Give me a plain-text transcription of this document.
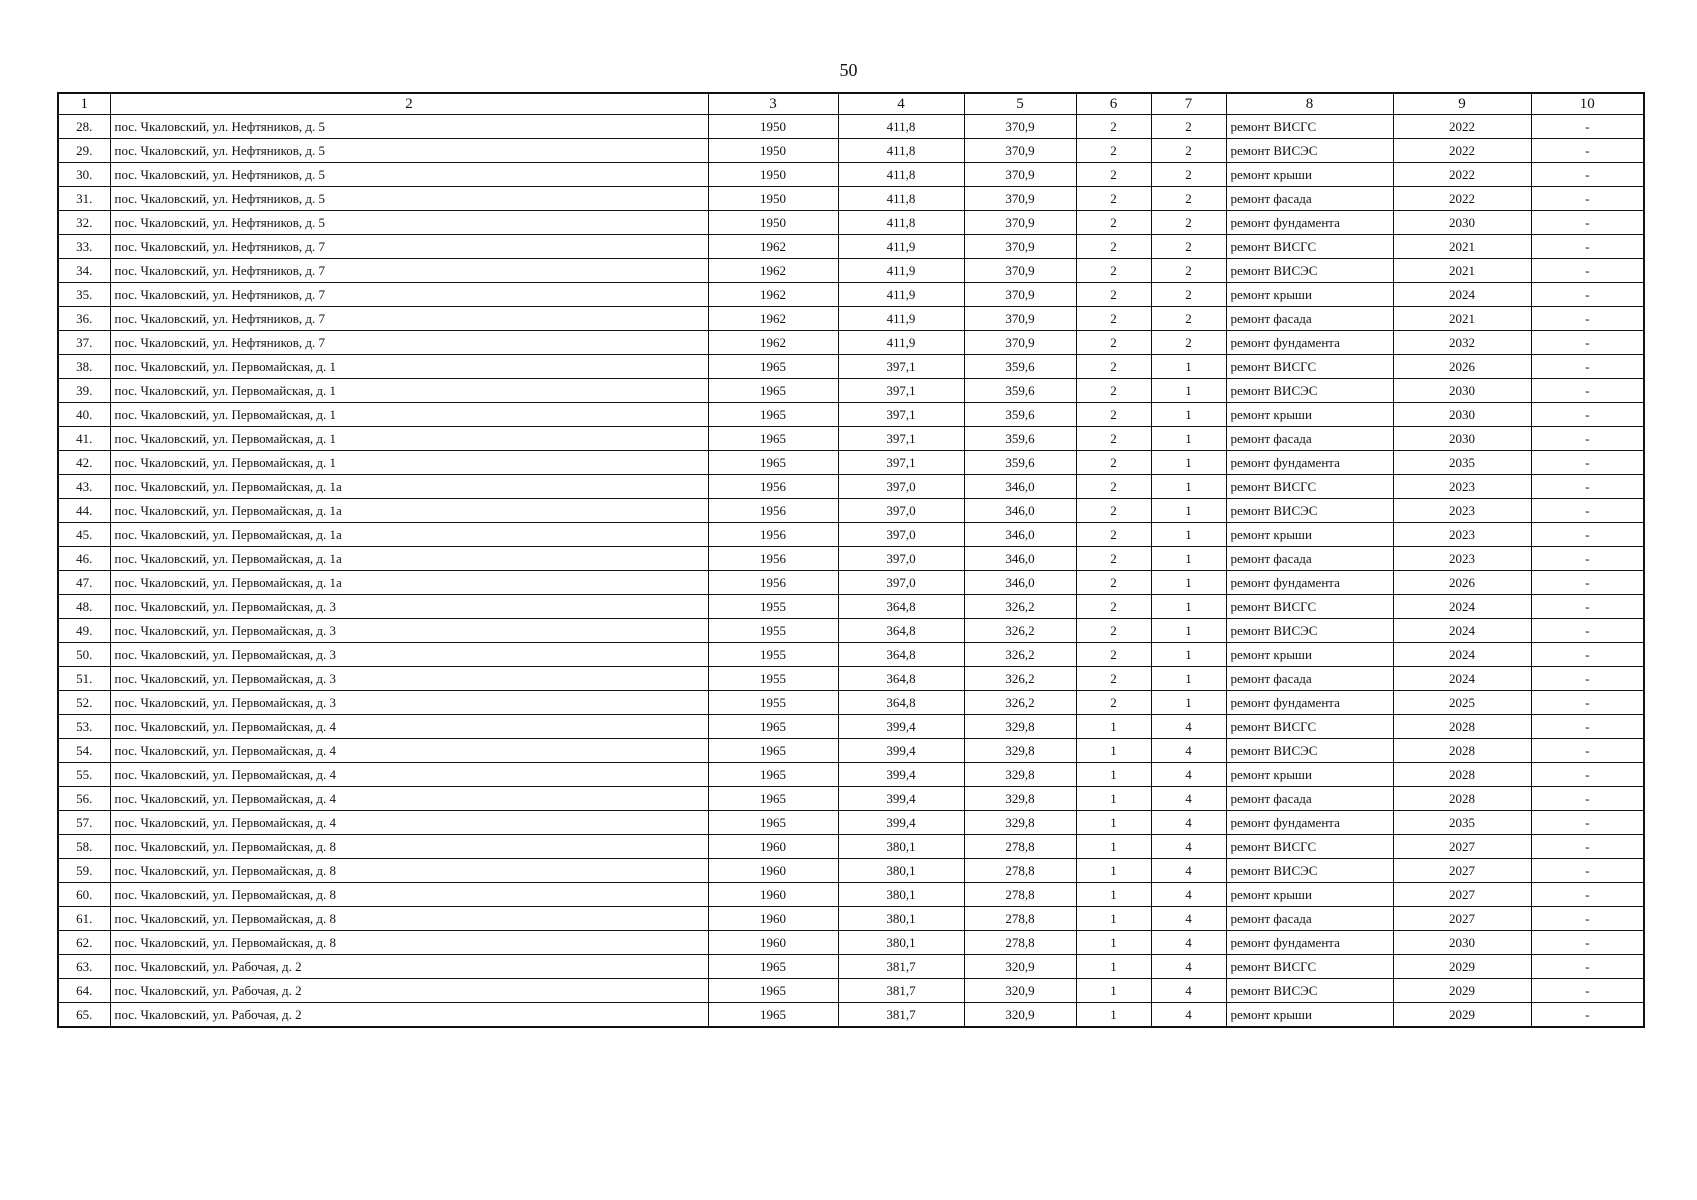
50
1	2	3	4	5	6	7	8	9	10
28.	пос. Чкаловский, ул. Нефтяников, д. 5	1950	411,8	370,9	2	2	ремонт ВИСГС	2022	-
29.	пос. Чкаловский, ул. Нефтяников, д. 5	1950	411,8	370,9	2	2	ремонт ВИСЭС	2022	-
30.	пос. Чкаловский, ул. Нефтяников, д. 5	1950	411,8	370,9	2	2	ремонт крыши	2022	-
31.	пос. Чкаловский, ул. Нефтяников, д. 5	1950	411,8	370,9	2	2	ремонт фасада	2022	-
32.	пос. Чкаловский, ул. Нефтяников, д. 5	1950	411,8	370,9	2	2	ремонт фундамента	2030	-
33.	пос. Чкаловский, ул. Нефтяников, д. 7	1962	411,9	370,9	2	2	ремонт ВИСГС	2021	-
34.	пос. Чкаловский, ул. Нефтяников, д. 7	1962	411,9	370,9	2	2	ремонт ВИСЭС	2021	-
35.	пос. Чкаловский, ул. Нефтяников, д. 7	1962	411,9	370,9	2	2	ремонт крыши	2024	-
36.	пос. Чкаловский, ул. Нефтяников, д. 7	1962	411,9	370,9	2	2	ремонт фасада	2021	-
37.	пос. Чкаловский, ул. Нефтяников, д. 7	1962	411,9	370,9	2	2	ремонт фундамента	2032	-
38.	пос. Чкаловский, ул. Первомайская, д. 1	1965	397,1	359,6	2	1	ремонт ВИСГС	2026	-
39.	пос. Чкаловский, ул. Первомайская, д. 1	1965	397,1	359,6	2	1	ремонт ВИСЭС	2030	-
40.	пос. Чкаловский, ул. Первомайская, д. 1	1965	397,1	359,6	2	1	ремонт крыши	2030	-
41.	пос. Чкаловский, ул. Первомайская, д. 1	1965	397,1	359,6	2	1	ремонт фасада	2030	-
42.	пос. Чкаловский, ул. Первомайская, д. 1	1965	397,1	359,6	2	1	ремонт фундамента	2035	-
43.	пос. Чкаловский, ул. Первомайская, д. 1а	1956	397,0	346,0	2	1	ремонт ВИСГС	2023	-
44.	пос. Чкаловский, ул. Первомайская, д. 1а	1956	397,0	346,0	2	1	ремонт ВИСЭС	2023	-
45.	пос. Чкаловский, ул. Первомайская, д. 1а	1956	397,0	346,0	2	1	ремонт крыши	2023	-
46.	пос. Чкаловский, ул. Первомайская, д. 1а	1956	397,0	346,0	2	1	ремонт фасада	2023	-
47.	пос. Чкаловский, ул. Первомайская, д. 1а	1956	397,0	346,0	2	1	ремонт фундамента	2026	-
48.	пос. Чкаловский, ул. Первомайская, д. 3	1955	364,8	326,2	2	1	ремонт ВИСГС	2024	-
49.	пос. Чкаловский, ул. Первомайская, д. 3	1955	364,8	326,2	2	1	ремонт ВИСЭС	2024	-
50.	пос. Чкаловский, ул. Первомайская, д. 3	1955	364,8	326,2	2	1	ремонт крыши	2024	-
51.	пос. Чкаловский, ул. Первомайская, д. 3	1955	364,8	326,2	2	1	ремонт фасада	2024	-
52.	пос. Чкаловский, ул. Первомайская, д. 3	1955	364,8	326,2	2	1	ремонт фундамента	2025	-
53.	пос. Чкаловский, ул. Первомайская, д. 4	1965	399,4	329,8	1	4	ремонт ВИСГС	2028	-
54.	пос. Чкаловский, ул. Первомайская, д. 4	1965	399,4	329,8	1	4	ремонт ВИСЭС	2028	-
55.	пос. Чкаловский, ул. Первомайская, д. 4	1965	399,4	329,8	1	4	ремонт крыши	2028	-
56.	пос. Чкаловский, ул. Первомайская, д. 4	1965	399,4	329,8	1	4	ремонт фасада	2028	-
57.	пос. Чкаловский, ул. Первомайская, д. 4	1965	399,4	329,8	1	4	ремонт фундамента	2035	-
58.	пос. Чкаловский, ул. Первомайская, д. 8	1960	380,1	278,8	1	4	ремонт ВИСГС	2027	-
59.	пос. Чкаловский, ул. Первомайская, д. 8	1960	380,1	278,8	1	4	ремонт ВИСЭС	2027	-
60.	пос. Чкаловский, ул. Первомайская, д. 8	1960	380,1	278,8	1	4	ремонт крыши	2027	-
61.	пос. Чкаловский, ул. Первомайская, д. 8	1960	380,1	278,8	1	4	ремонт фасада	2027	-
62.	пос. Чкаловский, ул. Первомайская, д. 8	1960	380,1	278,8	1	4	ремонт фундамента	2030	-
63.	пос. Чкаловский, ул. Рабочая, д. 2	1965	381,7	320,9	1	4	ремонт ВИСГС	2029	-
64.	пос. Чкаловский, ул. Рабочая, д. 2	1965	381,7	320,9	1	4	ремонт ВИСЭС	2029	-
65.	пос. Чкаловский, ул. Рабочая, д. 2	1965	381,7	320,9	1	4	ремонт крыши	2029	-
